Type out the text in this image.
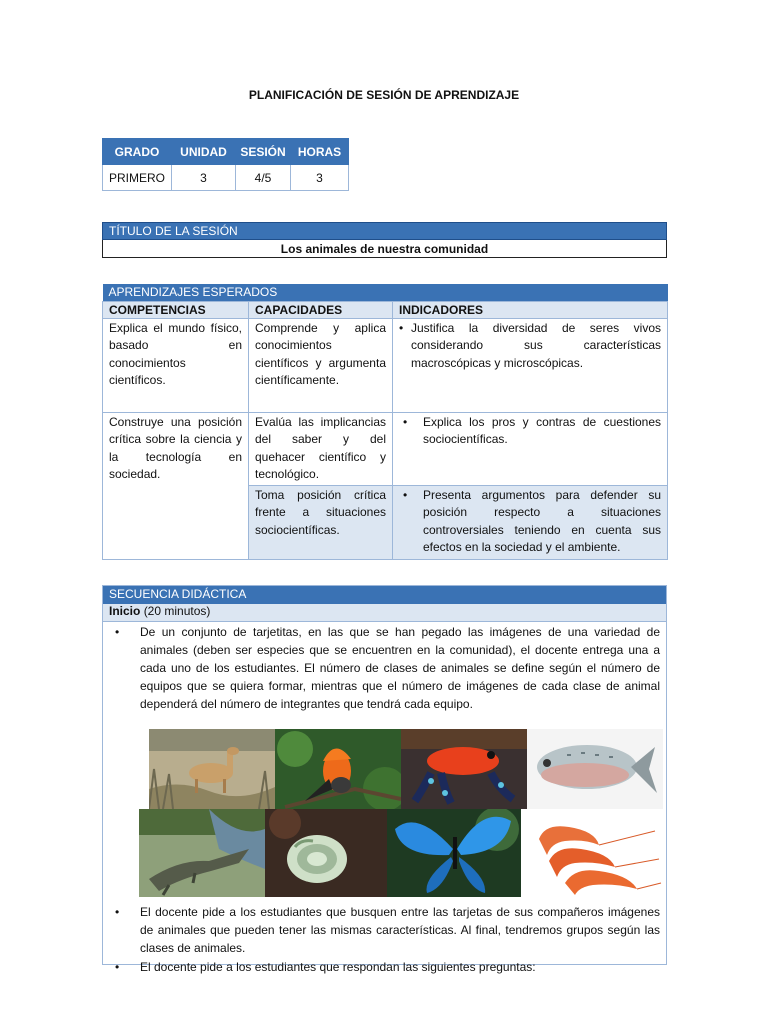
PLANIFICACIÓN DE SESIÓN DE APRENDIZAJE
GRADO	UNIDAD	SESIÓN	HORAS
PRIMERO	3	4/5	3
TÍTULO DE LA SESIÓN
Los animales de nuestra comunidad
APRENDIZAJES ESPERADOS		
COMPETENCIAS	CAPACIDADES	INDICADORES
Explica el mundo físico, basado en conocimientos científicos.	Comprende y aplica conocimientos científicos y argumenta científicamente.	• Justifica la diversidad de seres vivos considerando sus características macroscópicas y microscópicas.

Construye una posición crítica sobre la ciencia y la tecnología en sociedad.	Evalúa las implicancias del saber y del quehacer científico y tecnológico.	• Explica los pros y contras de cuestiones sociocientíficas.

	Toma posición crítica frente a situaciones sociocientíficas.	• Presenta argumentos para defender su posición respecto a situaciones controversiales teniendo en cuenta sus efectos en la sociedad y el ambiente.
SECUENCIA DIDÁCTICA
Inicio (20 minutos)
•	De un conjunto de tarjetitas, en las que se han pegado las imágenes de una variedad de animales (deben ser especies que se encuentren en la comunidad), el docente entrega una a cada uno de los estudiantes. El número de clases de animales se define según el número de equipos que se quiera formar, mientras que el número de imágenes de cada clase de animal dependerá del número de integrantes que tendrá cada equipo.
•	El docente pide a los estudiantes que busquen entre las tarjetas de sus compañeros imágenes de animales que pueden tener las mismas características. Al final, tendremos grupos según las clases de animales.
•	El docente pide a los estudiantes que respondan las siguientes preguntas:
